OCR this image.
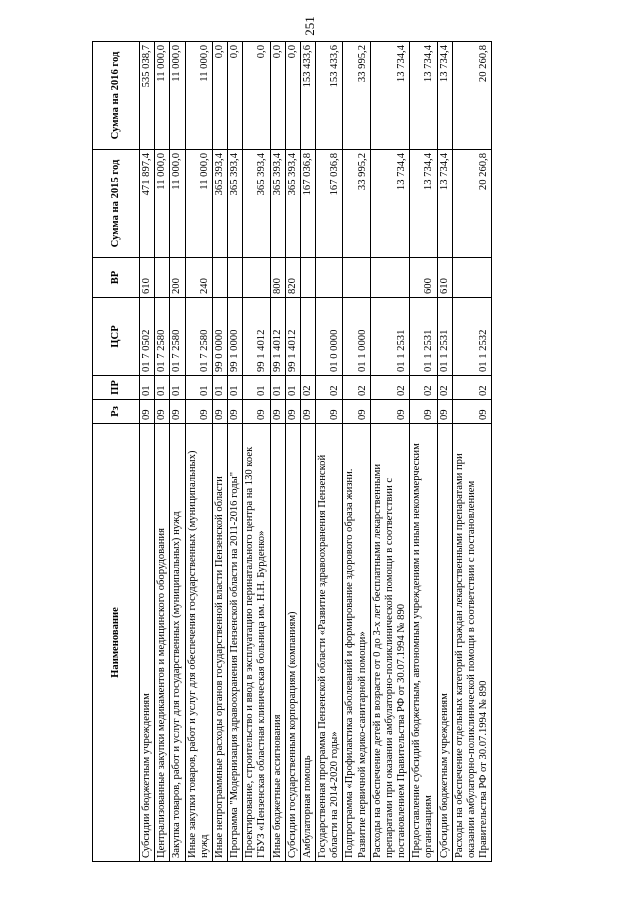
251
Наименование	Рз	ПР	ЦСР	ВР	Сумма на 2015 год	Сумма на 2016 год
Субсидии бюджетным учреждениям	09	01	01 7 0502	610	471 897,4	535 038,7
Централизованные закупки медикаментов и медицинского оборудования	09	01	01 7 2580		11 000,0	11 000,0
Закупка товаров, работ и услуг для государственных (муниципальных) нужд	09	01	01 7 2580	200	11 000,0	11 000,0
Иные закупки товаров, работ и услуг для обеспечения государственных (муниципальных) нужд	09	01	01 7 2580	240	11 000,0	11 000,0
Иные непрограммные расходы органов государственной власти Пензенской области	09	01	99 0 0000		365 393,4	0,0
Программа "Модернизация здравоохранения Пензенской области на 2011-2016 годы"	09	01	99 1 0000		365 393,4	0,0
Проектирование, строительство и ввод в эксплуатацию перинатального центра на 130 коек ГБУЗ «Пензенская областная клиническая больница им. Н.Н. Бурденко»	09	01	99 1 4012		365 393,4	0,0
Иные бюджетные ассигнования	09	01	99 1 4012	800	365 393,4	0,0
Субсидии государственным корпорациям (компаниям)	09	01	99 1 4012	820	365 393,4	0,0
Амбулаторная помощь	09	02			167 036,8	153 433,6
Государственная программа Пензенской области «Развитие здравоохранения Пензенской области на 2014-2020 годы»	09	02	01 0 0000		167 036,8	153 433,6
Подпрограмма «Профилактика заболеваний и формирование здорового образа жизни. Развитие первичной медико-санитарной помощи»	09	02	01 1 0000		33 995,2	33 995,2
Расходы на обеспечение детей в возрасте от 0 до 3-х лет бесплатными лекарственными препаратами при оказании амбулаторно-поликлинической помощи в соответствии с постановлением Правительства РФ от 30.07.1994 № 890	09	02	01 1 2531		13 734,4	13 734,4
Предоставление субсидий бюджетным, автономным учреждениям и иным некоммерческим организациям	09	02	01 1 2531	600	13 734,4	13 734,4
Субсидии бюджетным учреждениям	09	02	01 1 2531	610	13 734,4	13 734,4
Расходы на обеспечение отдельных категорий граждан лекарственными препаратами при оказании амбулаторно-поликлинической помощи в соответствии с постановлением Правительства РФ от 30.07.1994 № 890	09	02	01 1 2532		20 260,8	20 260,8
